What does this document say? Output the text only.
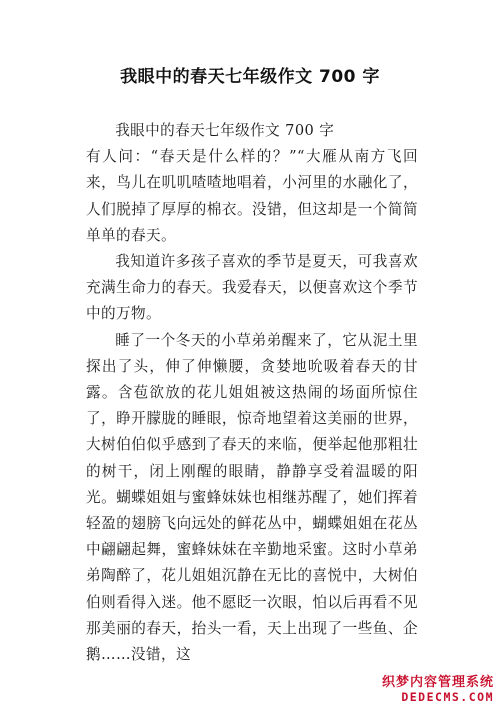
我眼中的春天七年级作文 700 字

我眼中的春天七年级作文 700 字

有人问：“春天是什么样的？”“大雁从南方飞回来，鸟儿在叽叽喳喳地唱着，小河里的水融化了，人们脱掉了厚厚的棉衣。没错，但这却是一个简简单单的春天。

我知道许多孩子喜欢的季节是夏天，可我喜欢充满生命力的春天。我爱春天，以便喜欢这个季节中的万物。

睡了一个冬天的小草弟弟醒来了，它从泥土里探出了头，伸了伸懒腰，贪婪地吮吸着春天的甘露。含苞欲放的花儿姐姐被这热闹的场面所惊住了，睁开朦胧的睡眼，惊奇地望着这美丽的世界，大树伯伯似乎感到了春天的来临，便举起他那粗壮的树干，闭上刚醒的眼睛，静静享受着温暖的阳光。蝴蝶姐姐与蜜蜂妹妹也相继苏醒了，她们挥着轻盈的翅膀飞向远处的鲜花丛中，蝴蝶姐姐在花丛中翩翩起舞，蜜蜂妹妹在辛勤地采蜜。这时小草弟弟陶醉了，花儿姐姐沉静在无比的喜悦中，大树伯伯则看得入迷。他不愿眨一次眼，怕以后再看不见那美丽的春天，抬头一看，天上出现了一些鱼、企鹅……没错，这

织梦内容管理系统
DEDECMS.COM
